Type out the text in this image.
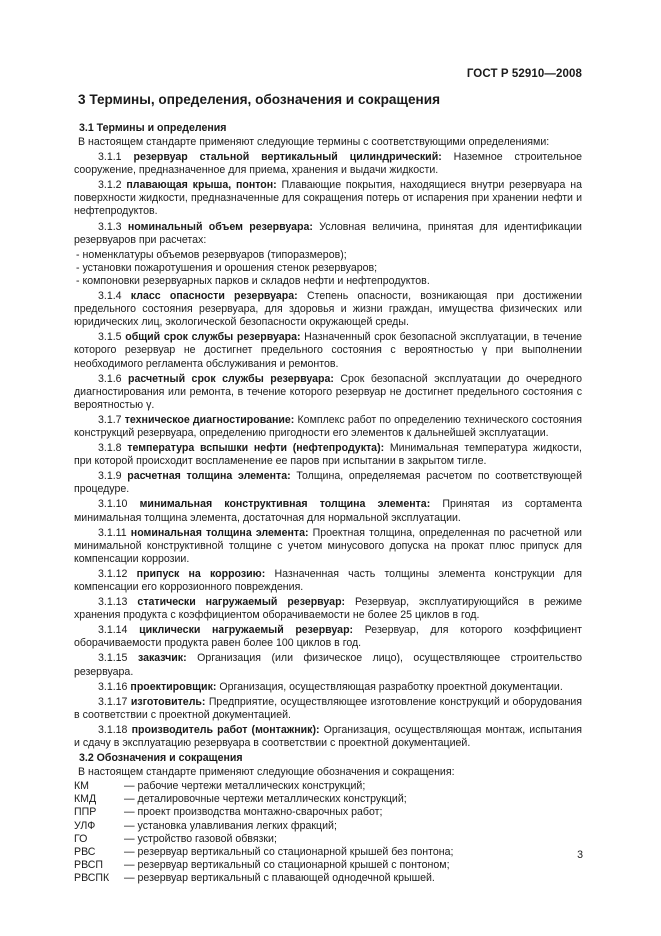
ГОСТ Р 52910—2008
3 Термины, определения, обозначения и сокращения
3.1 Термины и определения

В настоящем стандарте применяют следующие термины с соответствующими определениями:

3.1.1 резервуар стальной вертикальный цилиндрический: Наземное строительное сооружение, предназначенное для приема, хранения и выдачи жидкости.

3.1.2 плавающая крыша, понтон: Плавающие покрытия, находящиеся внутри резервуара на поверхности жидкости, предназначенные для сокращения потерь от испарения при хранении нефти и нефтепродуктов.

3.1.3 номинальный объем резервуара: Условная величина, принятая для идентификации резервуаров при расчетах:

- номенклатуры объемов резервуаров (типоразмеров);
- установки пожаротушения и орошения стенок резервуаров;
- компоновки резервуарных парков и складов нефти и нефтепродуктов.

3.1.4 класс опасности резервуара: Степень опасности, возникающая при достижении предельного состояния резервуара, для здоровья и жизни граждан, имущества физических или юридических лиц, экологической безопасности окружающей среды.

3.1.5 общий срок службы резервуара: Назначенный срок безопасной эксплуатации, в течение которого резервуар не достигнет предельного состояния с вероятностью γ при выполнении необходимого регламента обслуживания и ремонтов.

3.1.6 расчетный срок службы резервуара: Срок безопасной эксплуатации до очередного диагностирования или ремонта, в течение которого резервуар не достигнет предельного состояния с вероятностью γ.

3.1.7 техническое диагностирование: Комплекс работ по определению технического состояния конструкций резервуара, определению пригодности его элементов к дальнейшей эксплуатации.

3.1.8 температура вспышки нефти (нефтепродукта): Минимальная температура жидкости, при которой происходит воспламенение ее паров при испытании в закрытом тигле.

3.1.9 расчетная толщина элемента: Толщина, определяемая расчетом по соответствующей процедуре.

3.1.10 минимальная конструктивная толщина элемента: Принятая из сортамента минимальная толщина элемента, достаточная для нормальной эксплуатации.

3.1.11 номинальная толщина элемента: Проектная толщина, определенная по расчетной или минимальной конструктивной толщине с учетом минусового допуска на прокат плюс припуск для компенсации коррозии.

3.1.12 припуск на коррозию: Назначенная часть толщины элемента конструкции для компенсации его коррозионного повреждения.

3.1.13 статически нагружаемый резервуар: Резервуар, эксплуатирующийся в режиме хранения продукта с коэффициентом оборачиваемости не более 25 циклов в год.

3.1.14 циклически нагружаемый резервуар: Резервуар, для которого коэффициент оборачиваемости продукта равен более 100 циклов в год.

3.1.15 заказчик: Организация (или физическое лицо), осуществляющее строительство резервуара.

3.1.16 проектировщик: Организация, осуществляющая разработку проектной документации.

3.1.17 изготовитель: Предприятие, осуществляющее изготовление конструкций и оборудования в соответствии с проектной документацией.

3.1.18 производитель работ (монтажник): Организация, осуществляющая монтаж, испытания и сдачу в эксплуатацию резервуара в соответствии с проектной документацией.

3.2 Обозначения и сокращения

В настоящем стандарте применяют следующие обозначения и сокращения:

КМ	— рабочие чертежи металлических конструкций;
КМД	— деталировочные чертежи металлических конструкций;
ППР	— проект производства монтажно-сварочных работ;
УЛФ	— установка улавливания легких фракций;
ГО	— устройство газовой обвязки;
РВС	— резервуар вертикальный со стационарной крышей без понтона;
РВСП	— резервуар вертикальный со стационарной крышей с понтоном;
РВСПК	— резервуар вертикальный с плавающей однодечной крышей.
3
